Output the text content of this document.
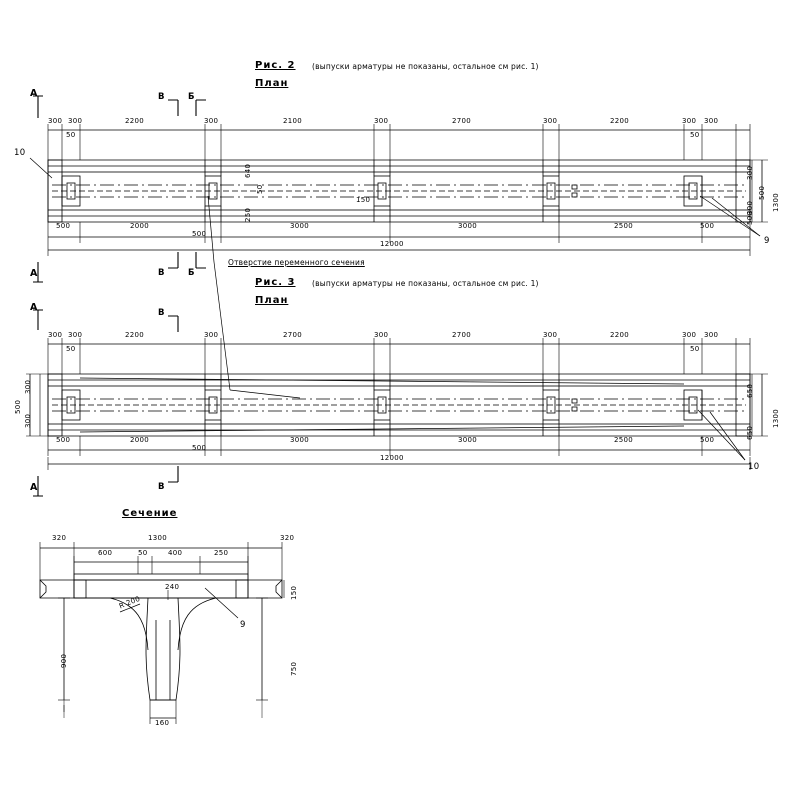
Рис. 2 (выпуски арматуры не показаны, остальное см рис. 1)
План
300 300	2200	300	2100	300	2700	300	2200	300 300
50
640
50
250
150
50
500	2000
500
3000	3000	2500	500
12000
300
300
500
1300
500
А
А
В	Б
В	Б
10
9
Отверстие переменного сечения
Рис. 3 (выпуски арматуры не показаны, остальное см рис. 1)
План
300 300	2200	300	2700	300	2700	300	2200	300 300
50	50
500	2000
500
3000	3000	2500	500
12000
300
300
500
650
650
1300
А
А
В
В
10
Сечение
320	1300	320
600	50	400	250
900
750
150
240
160
R 200
9
